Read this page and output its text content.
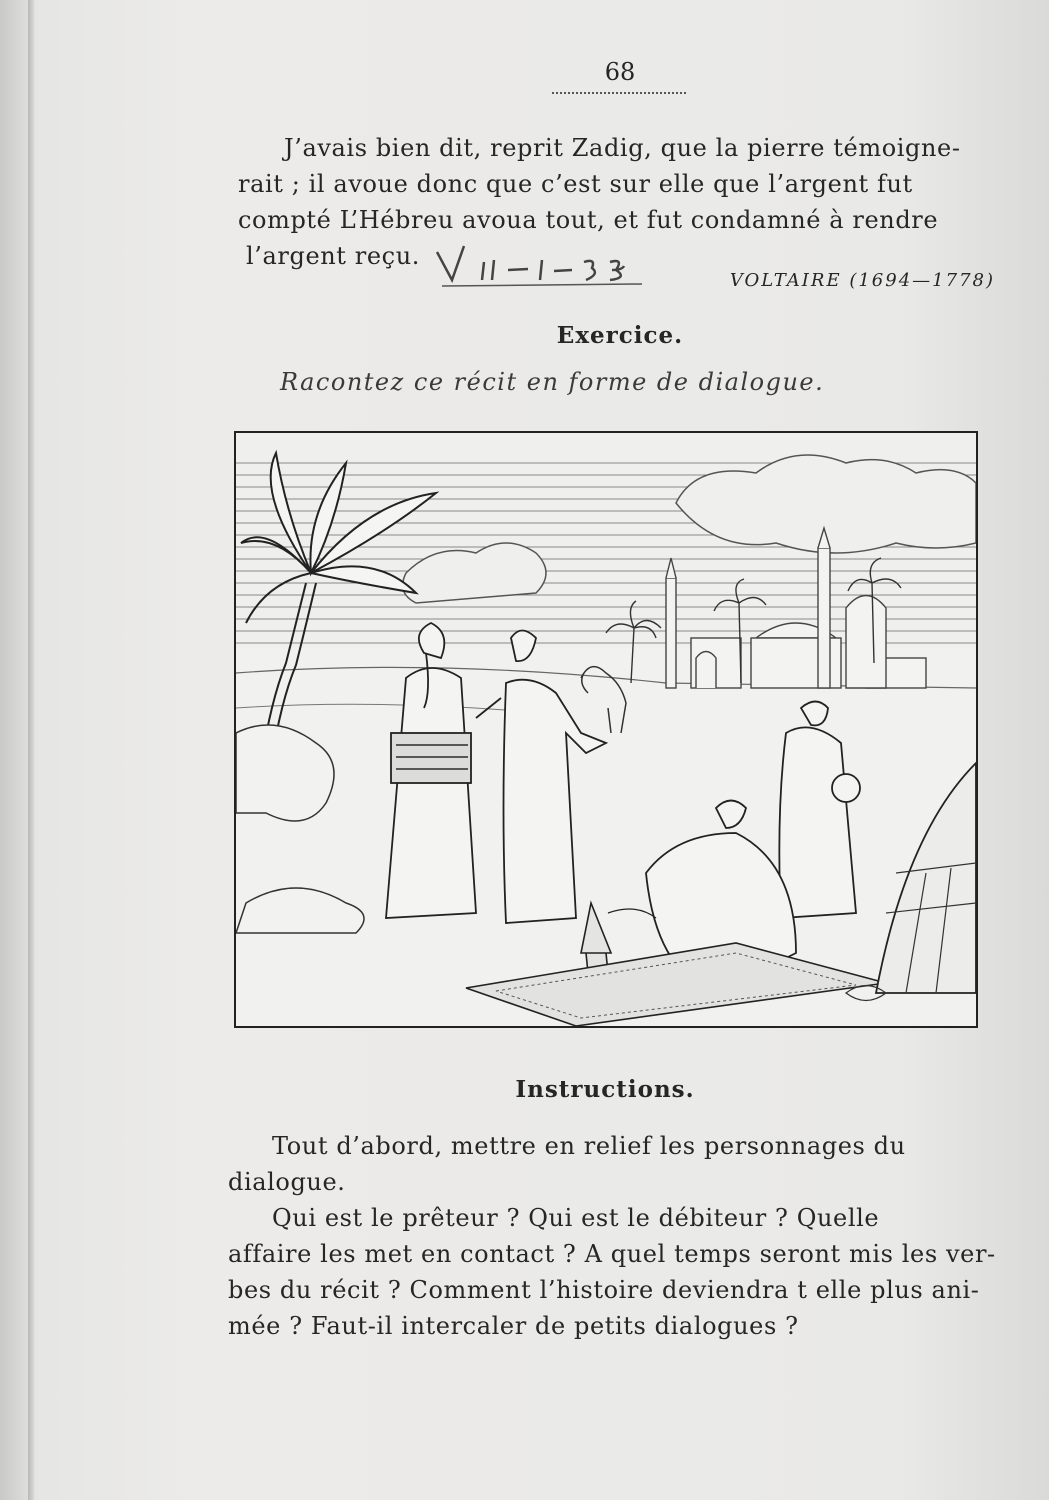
68
J’avais bien dit, reprit Zadig, que la pierre témoigne-
rait ; il avoue donc que c’est sur elle que l’argent fut
compté L’Hébreu avoua tout, et fut condamné à rendre
l’argent reçu.
VOLTAIRE (1694—1778)
Exercice.
Racontez ce récit en forme de dialogue.
Instructions.
Tout d’abord, mettre en relief les personnages du
dialogue.
Qui est le prêteur ? Qui est le débiteur ? Quelle
affaire les met en contact ? A quel temps seront mis les ver-
bes du récit ? Comment l’histoire deviendra t elle plus ani-
mée ? Faut-il intercaler de petits dialogues ?
